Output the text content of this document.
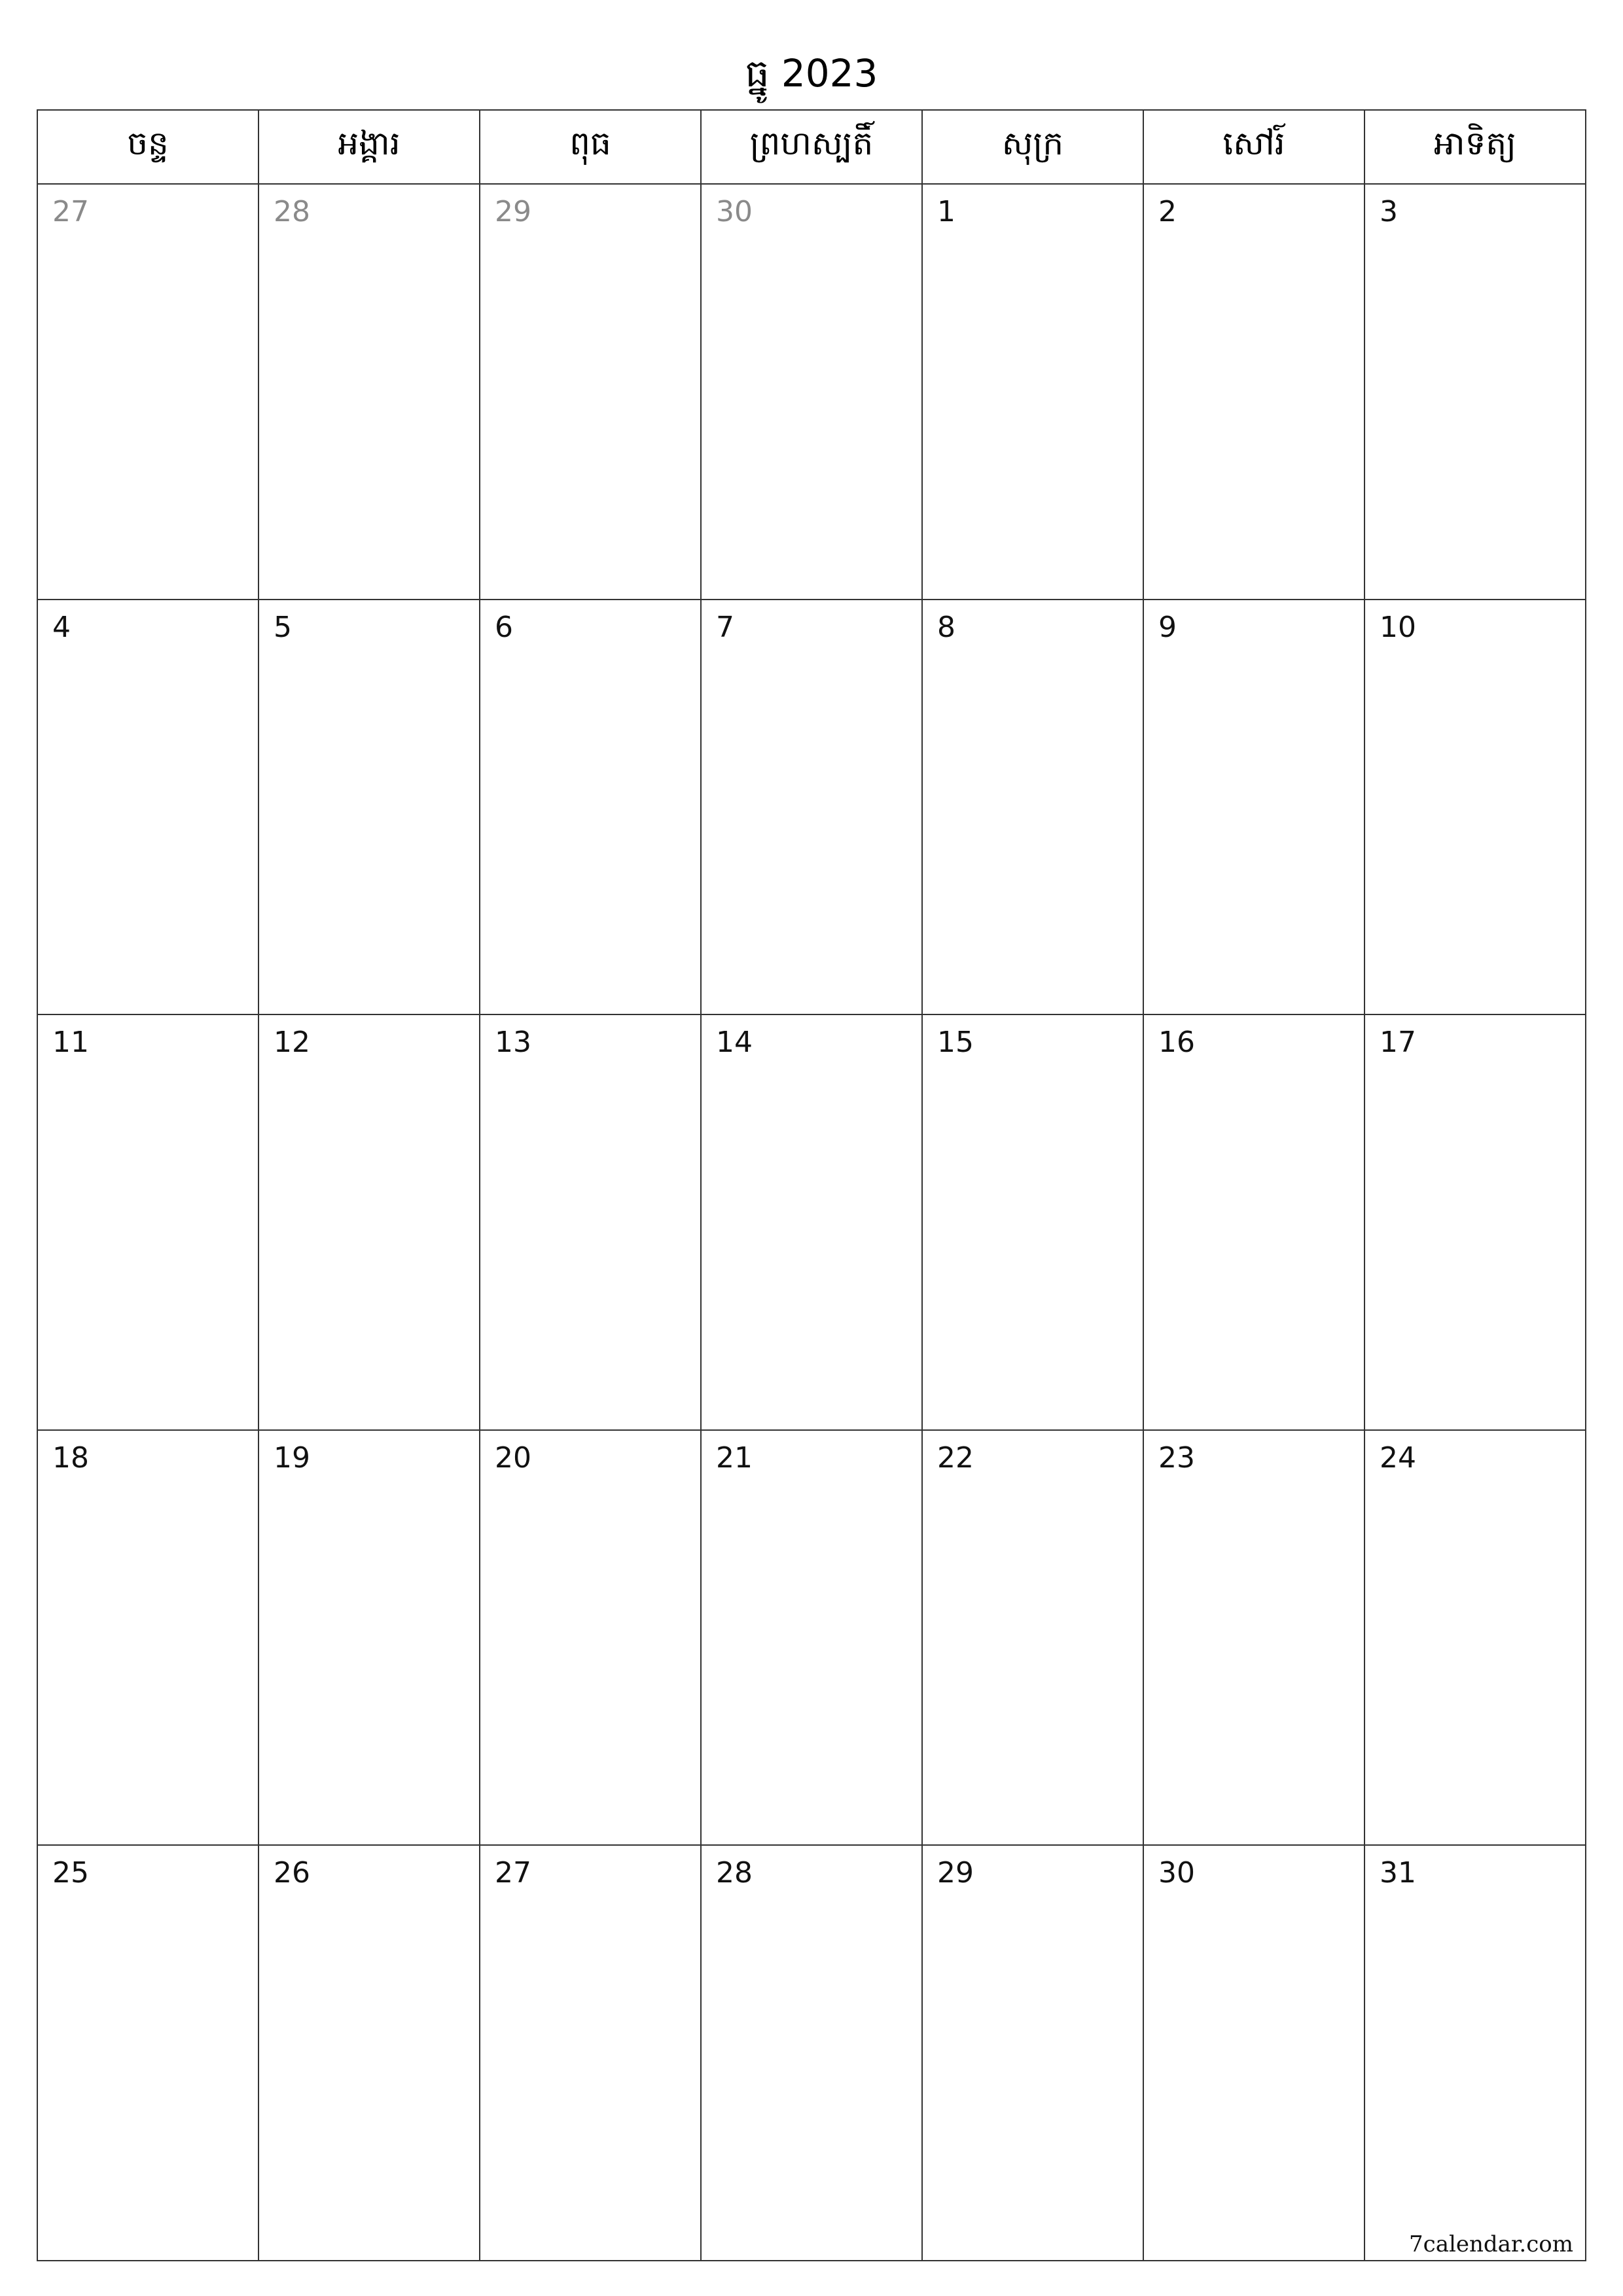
ធ្នូ 2023
ចន្ទ	អង្គារ	ពុធ	ព្រហស្បតិ៍	សុក្រ	សៅរ៍	អាទិត្យ
27	28	29	30	1	2	3
4	5	6	7	8	9	10
11	12	13	14	15	16	17
18	19	20	21	22	23	24
25	26	27	28	29	30	31
7calendar.com
